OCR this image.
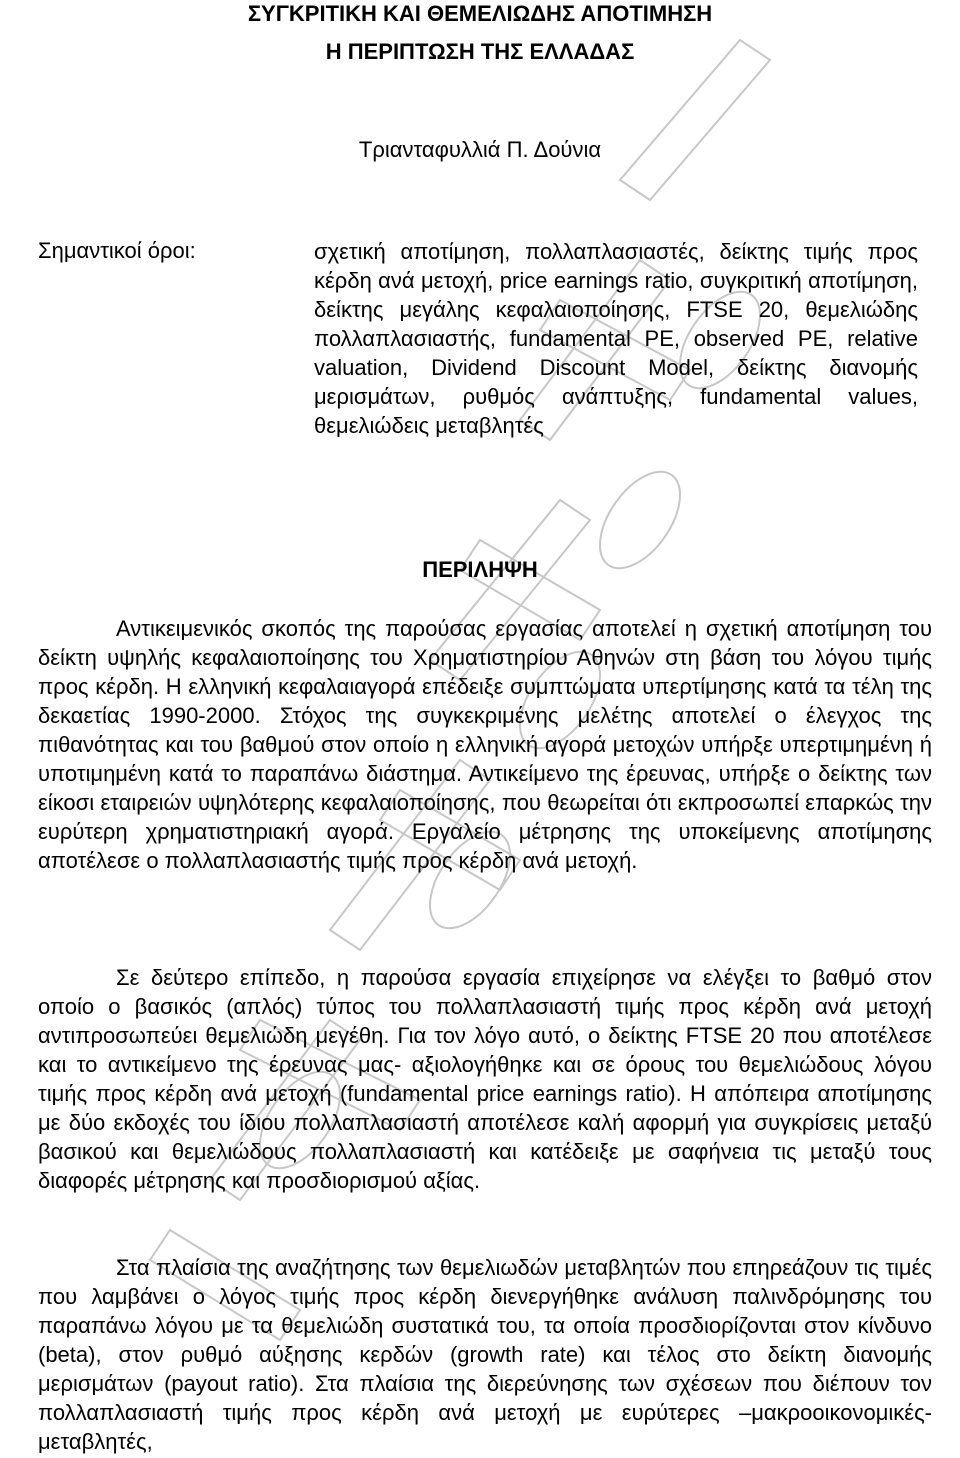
ΣΥΓΚΡΙΤΙΚΗ ΚΑΙ ΘΕΜΕΛΙΩΔΗΣ ΑΠΟΤΙΜΗΣΗ
Η ΠΕΡΙΠΤΩΣΗ ΤΗΣ ΕΛΛΑΔΑΣ
Τριανταφυλλιά Π. Δούνια
Σημαντικοί όροι:	σχετική αποτίμηση, πολλαπλασιαστές, δείκτης τιμής προς κέρδη ανά μετοχή, price earnings ratio, συγκριτική αποτίμηση, δείκτης μεγάλης κεφαλαιοποίησης, FTSE 20, θεμελιώδης πολλαπλασιαστής, fundamental PE, observed PE, relative valuation, Dividend Discount Model, δείκτης διανομής μερισμάτων, ρυθμός ανάπτυξης, fundamental values, θεμελιώδεις μεταβλητές
ΠΕΡΙΛΗΨΗ
Αντικειμενικός σκοπός της παρούσας εργασίας αποτελεί η σχετική αποτίμηση του δείκτη υψηλής κεφαλαιοποίησης του Χρηματιστηρίου Αθηνών στη βάση του λόγου τιμής προς κέρδη. Η ελληνική κεφαλαιαγορά επέδειξε συμπτώματα υπερτίμησης κατά τα τέλη της δεκαετίας 1990-2000. Στόχος της συγκεκριμένης μελέτης αποτελεί ο έλεγχος της πιθανότητας και του βαθμού στον οποίο η ελληνική αγορά μετοχών υπήρξε υπερτιμημένη ή υποτιμημένη κατά το παραπάνω διάστημα. Αντικείμενο της έρευνας, υπήρξε ο δείκτης των είκοσι εταιρειών υψηλότερης κεφαλαιοποίησης, που θεωρείται ότι εκπροσωπεί επαρκώς την ευρύτερη χρηματιστηριακή αγορά. Εργαλείο μέτρησης της υποκείμενης αποτίμησης αποτέλεσε ο πολλαπλασιαστής τιμής προς κέρδη ανά μετοχή.
Σε δεύτερο επίπεδο, η παρούσα εργασία επιχείρησε να ελέγξει το βαθμό στον οποίο ο βασικός (απλός) τύπος του πολλαπλασιαστή τιμής προς κέρδη ανά μετοχή αντιπροσωπεύει θεμελιώδη μεγέθη. Για τον λόγο αυτό, ο δείκτης FTSE 20 που αποτέλεσε και το αντικείμενο της έρευνας μας- αξιολογήθηκε και σε όρους του θεμελιώδους λόγου τιμής προς κέρδη ανά μετοχή (fundamental price earnings ratio). Η απόπειρα αποτίμησης με δύο εκδοχές του ίδιου πολλαπλασιαστή αποτέλεσε καλή αφορμή για συγκρίσεις μεταξύ βασικού και θεμελιώδους πολλαπλασιαστή και κατέδειξε με σαφήνεια τις μεταξύ τους διαφορές μέτρησης και προσδιορισμού αξίας.
Στα πλαίσια της αναζήτησης των θεμελιωδών μεταβλητών που επηρεάζουν τις τιμές που λαμβάνει ο λόγος τιμής προς κέρδη διενεργήθηκε ανάλυση παλινδρόμησης του παραπάνω λόγου με τα θεμελιώδη συστατικά του, τα οποία προσδιορίζονται στον κίνδυνο (beta), στον ρυθμό αύξησης κερδών (growth rate) και τέλος στο δείκτη διανομής μερισμάτων (payout ratio). Στα πλαίσια της διερεύνησης των σχέσεων που διέπουν τον πολλαπλασιαστή τιμής προς κέρδη ανά μετοχή με ευρύτερες –μακροοικονομικές- μεταβλητές,
